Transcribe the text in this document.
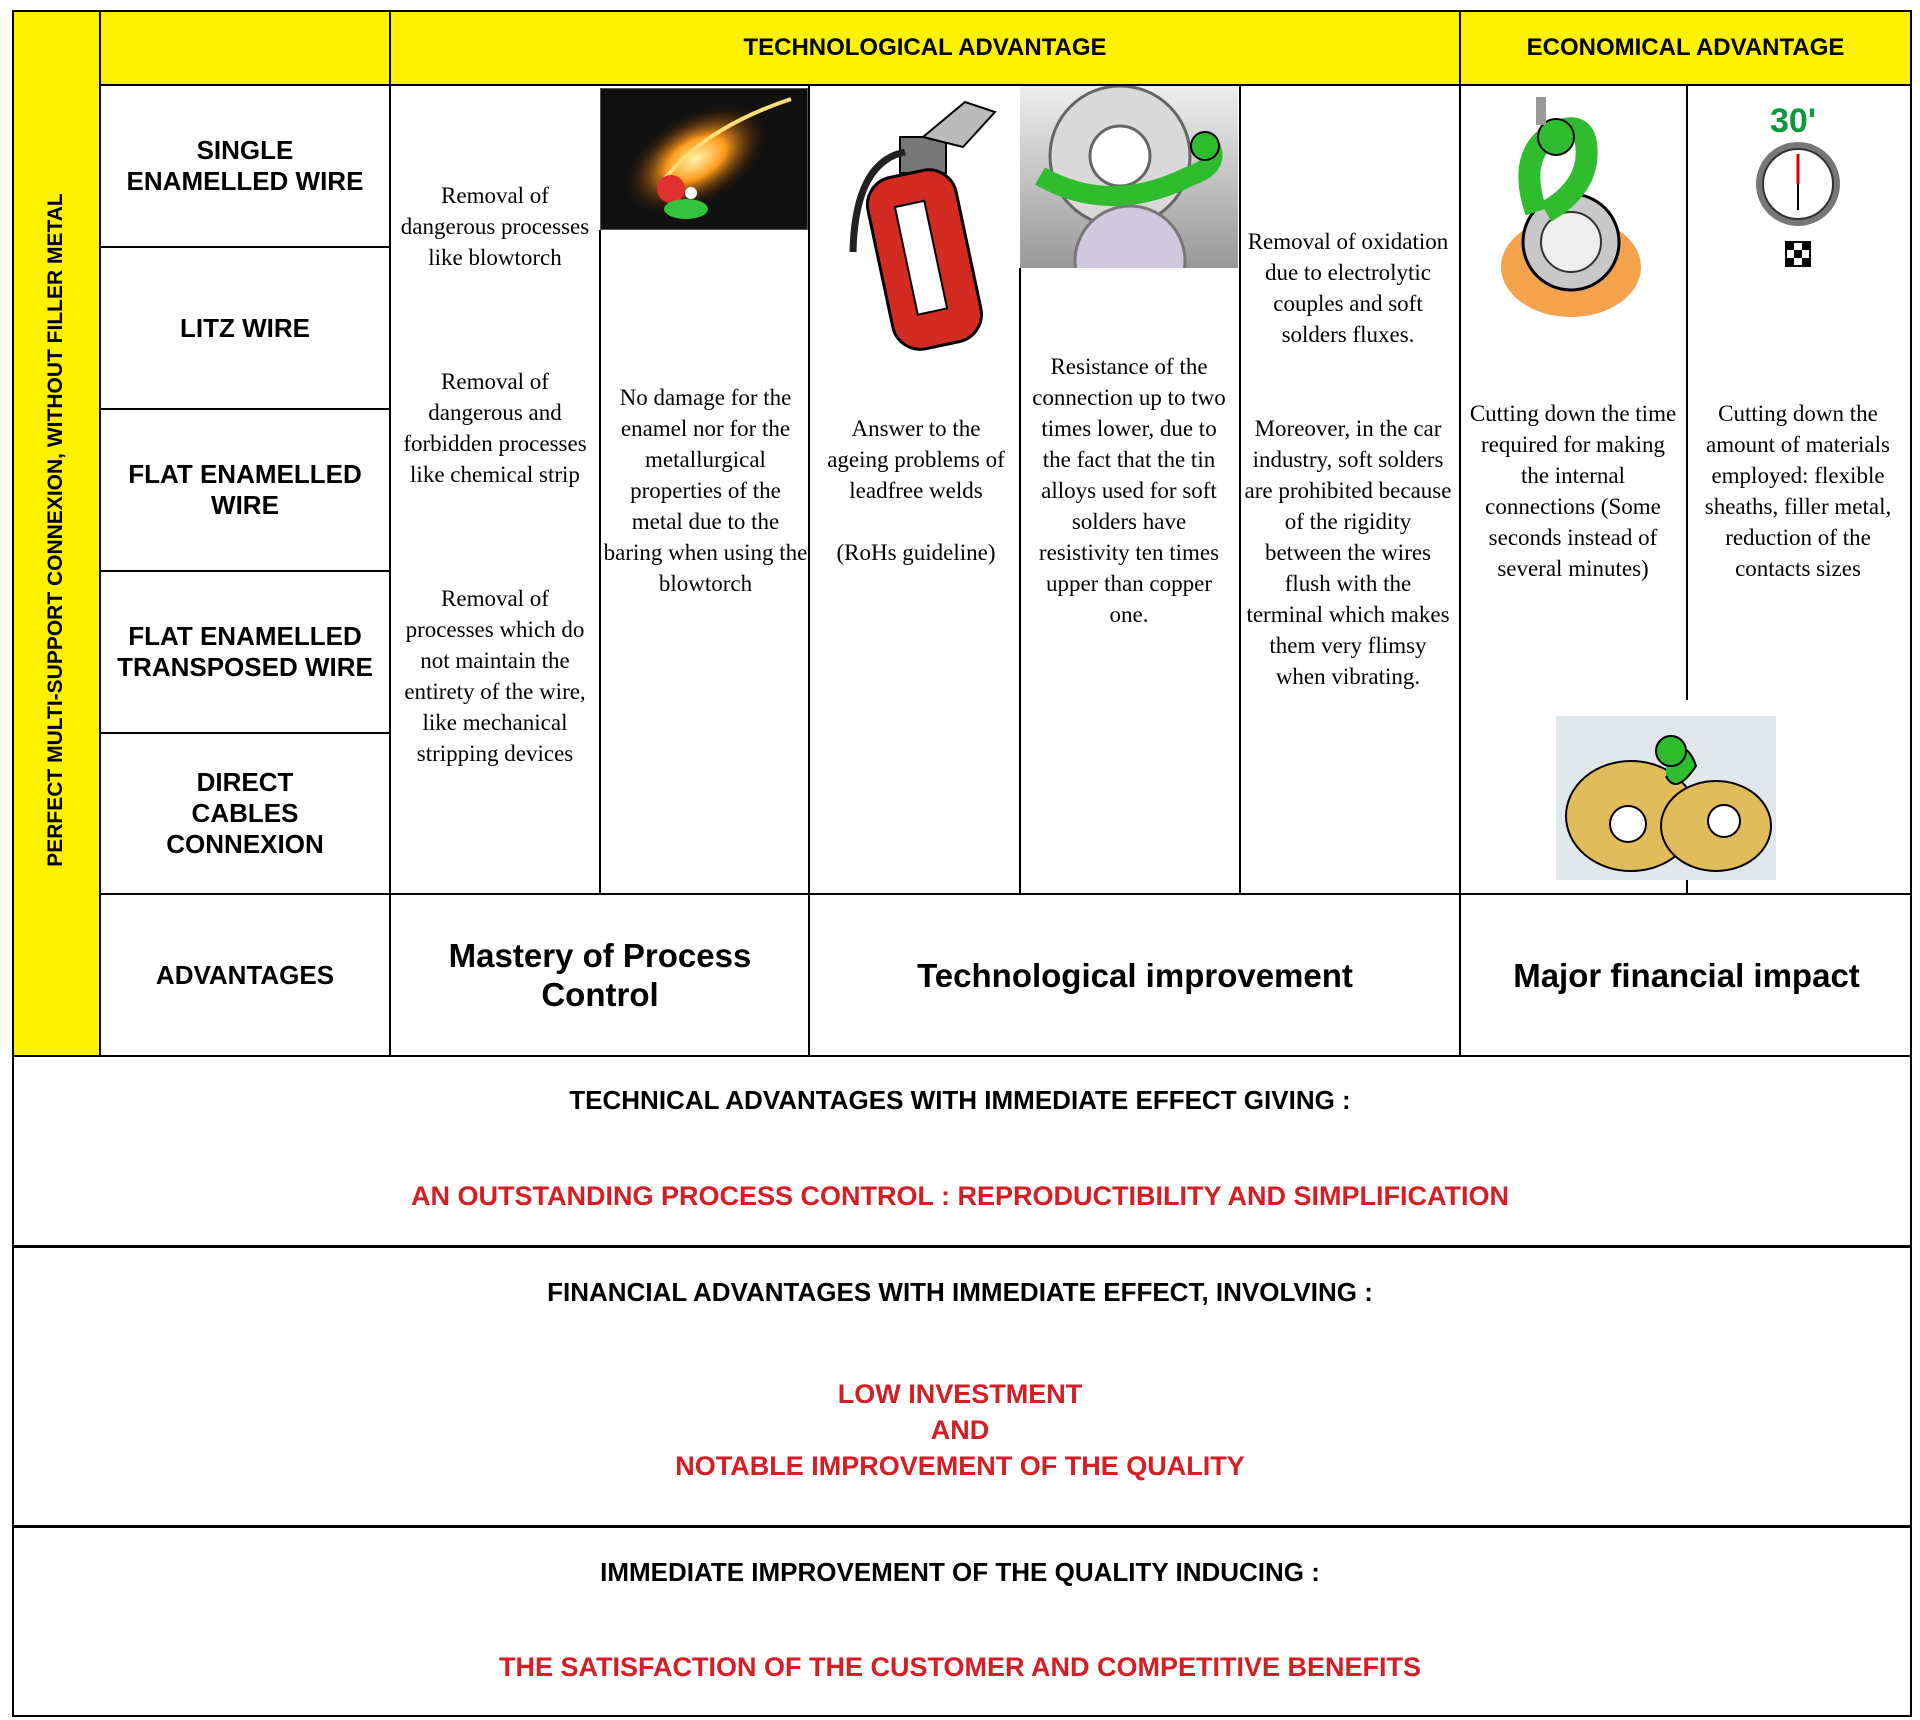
PERFECT MULTI-SUPPORT CONNEXION, WITHOUT FILLER METAL
TECHNOLOGICAL ADVANTAGE	ECONOMICAL ADVANTAGE
SINGLE ENAMELLED WIRE
LITZ WIRE
FLAT ENAMELLED WIRE
FLAT ENAMELLED TRANSPOSED WIRE
DIRECT CABLES CONNEXION
ADVANTAGES
Removal of dangerous processes like blowtorch
Removal of dangerous and forbidden processes like chemical strip
Removal of processes which do not maintain the entirety of the wire, like mechanical stripping devices
No damage for the enamel nor for the metallurgical properties of the metal due to the baring when using the blowtorch
Answer to the ageing problems of leadfree welds
(RoHs guideline)
Resistance of the connection up to two times lower, due to the fact that the tin alloys used for soft solders have resistivity ten times upper than copper one.
Removal of oxidation due to electrolytic couples and soft solders fluxes.
Moreover, in the car industry, soft solders are prohibited because of the rigidity between the wires flush with the terminal which makes them very flimsy when vibrating.
Cutting down the time required for making the internal connections (Some seconds instead of several minutes)
Cutting down the amount of materials employed: flexible sheaths, filler metal, reduction of the contacts sizes
Mastery of Process Control
Technological improvement	Major financial impact
30'
TECHNICAL ADVANTAGES WITH IMMEDIATE EFFECT GIVING :
AN OUTSTANDING PROCESS CONTROL : REPRODUCTIBILITY AND SIMPLIFICATION
FINANCIAL ADVANTAGES WITH IMMEDIATE EFFECT, INVOLVING :
LOW INVESTMENT
AND
NOTABLE IMPROVEMENT OF THE QUALITY
IMMEDIATE IMPROVEMENT OF THE QUALITY INDUCING :
THE SATISFACTION OF THE CUSTOMER AND COMPETITIVE BENEFITS
